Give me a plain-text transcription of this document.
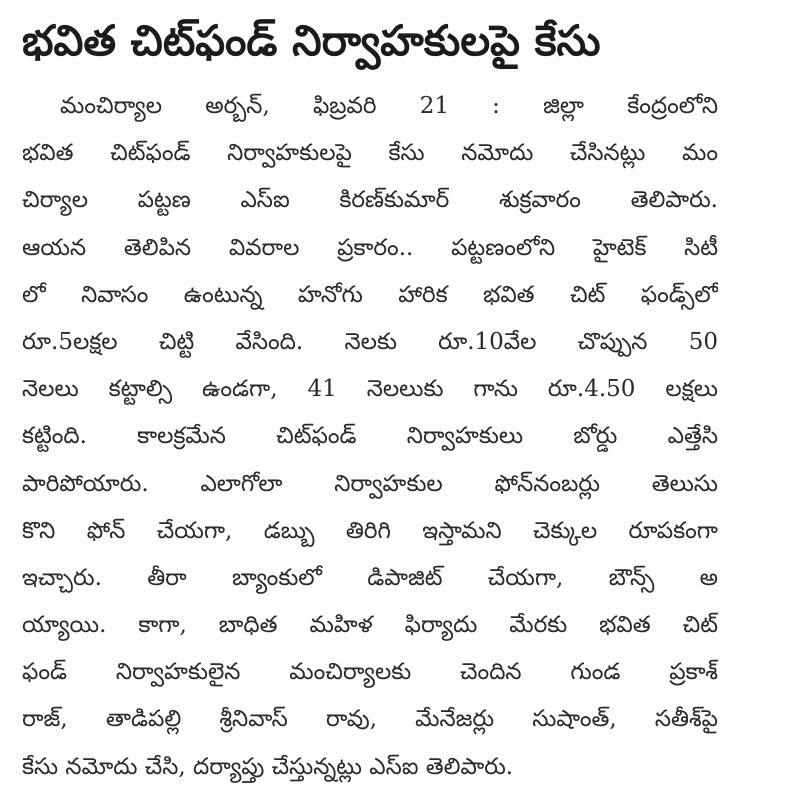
భవిత చిట్‌ఫండ్‌ నిర్వాహకులపై కేసు
మంచిర్యాల అర్బన్‌, ఫిబ్రవరి 21 : జిల్లా కేంద్రంలోని
భవిత చిట్‌ఫండ్‌ నిర్వాహకులపై కేసు నమోదు చేసినట్లు మం
చిర్యాల పట్టణ ఎస్‌ఐ కిరణ్‌కుమార్‌ శుక్రవారం తెలిపారు.
ఆయన తెలిపిన వివరాల ప్రకారం.. పట్టణంలోని హైటెక్‌ సిటీ
లో నివాసం ఉంటున్న హనోగు హారిక భవిత చిట్‌ ఫండ్స్‌లో
రూ.5లక్షల చిట్టి వేసింది. నెలకు రూ.10వేల చొప్పున 50
నెలలు కట్టాల్సి ఉండగా, 41 నెలలుకు గాను రూ.4.50 లక్షలు
కట్టింది. కాలక్రమేన చిట్‌ఫండ్‌ నిర్వాహకులు బోర్డు ఎత్తేసి
పారిపోయారు. ఎలాగోలా నిర్వాహకుల ఫోన్‌నంబర్లు తెలుసు
కొని ఫోన్‌ చేయగా, డబ్బు తిరిగి ఇస్తామని చెక్కుల రూపకంగా
ఇచ్చారు. తీరా బ్యాంకులో డిపాజిట్‌ చేయగా, బౌన్స్‌ అ
య్యాయి. కాగా, బాధిత మహిళ ఫిర్యాదు మేరకు భవిత చిట్‌
ఫండ్‌ నిర్వాహకులైన మంచిర్యాలకు చెందిన గుండ ప్రకాశ్‌
రాజ్‌, తాడిపల్లి శ్రీనివాస్‌ రావు, మేనేజర్లు సుషాంత్‌, సతీశ్‌పై
కేసు నమోదు చేసి, దర్యాప్తు చేస్తున్నట్లు ఎస్‌ఐ తెలిపారు.
